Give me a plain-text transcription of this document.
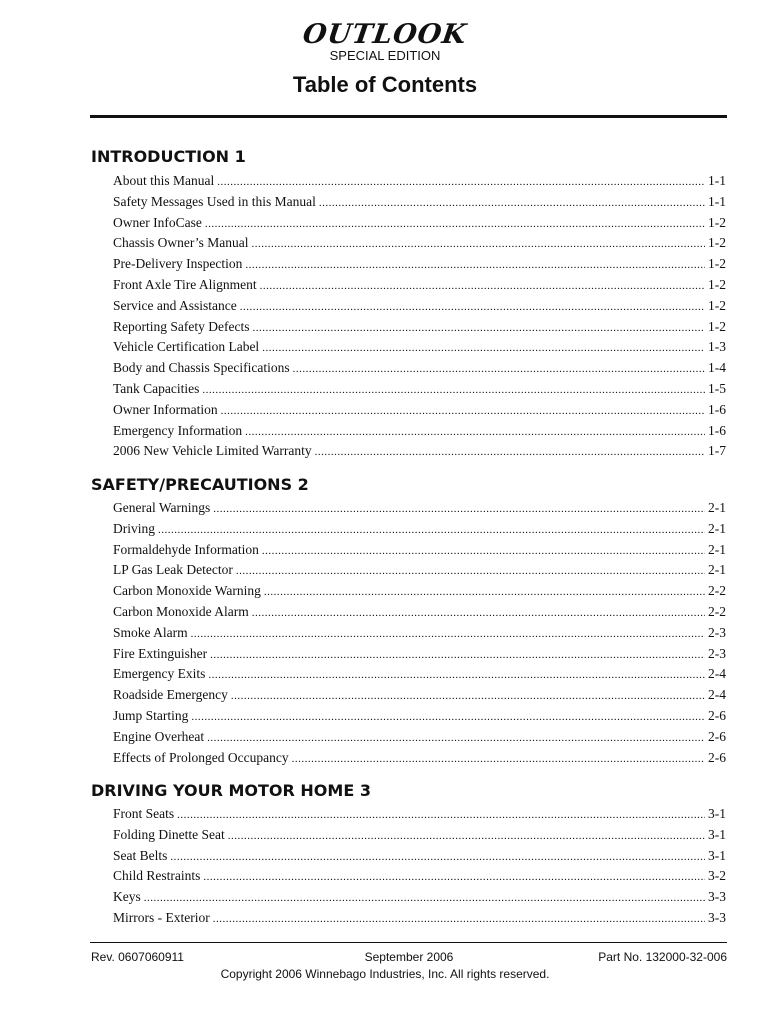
OUTLOOK
SPECIAL EDITION
Table of Contents
INTRODUCTION 1
About this Manual .....	1-1
Safety Messages Used in this Manual .....	1-1
Owner InfoCase .....	1-2
Chassis Owner’s Manual .....	1-2
Pre-Delivery Inspection .....	1-2
Front Axle Tire Alignment .....	1-2
Service and Assistance .....	1-2
Reporting Safety Defects .....	1-2
Vehicle Certification Label .....	1-3
Body and Chassis Specifications .....	1-4
Tank Capacities .....	1-5
Owner Information .....	1-6
Emergency Information .....	1-6
2006 New Vehicle Limited Warranty .....	1-7
SAFETY/PRECAUTIONS 2
General Warnings .....	2-1
Driving .....	2-1
Formaldehyde Information .....	2-1
LP Gas Leak Detector .....	2-1
Carbon Monoxide Warning .....	2-2
Carbon Monoxide Alarm .....	2-2
Smoke Alarm .....	2-3
Fire Extinguisher .....	2-3
Emergency Exits .....	2-4
Roadside Emergency .....	2-4
Jump Starting .....	2-6
Engine Overheat .....	2-6
Effects of Prolonged Occupancy .....	2-6
DRIVING YOUR MOTOR HOME 3
Front Seats .....	3-1
Folding Dinette Seat .....	3-1
Seat Belts .....	3-1
Child Restraints .....	3-2
Keys .....	3-3
Mirrors - Exterior .....	3-3
Rev. 0607060911	September 2006	Part No. 132000-32-006
Copyright 2006 Winnebago Industries, Inc. All rights reserved.
